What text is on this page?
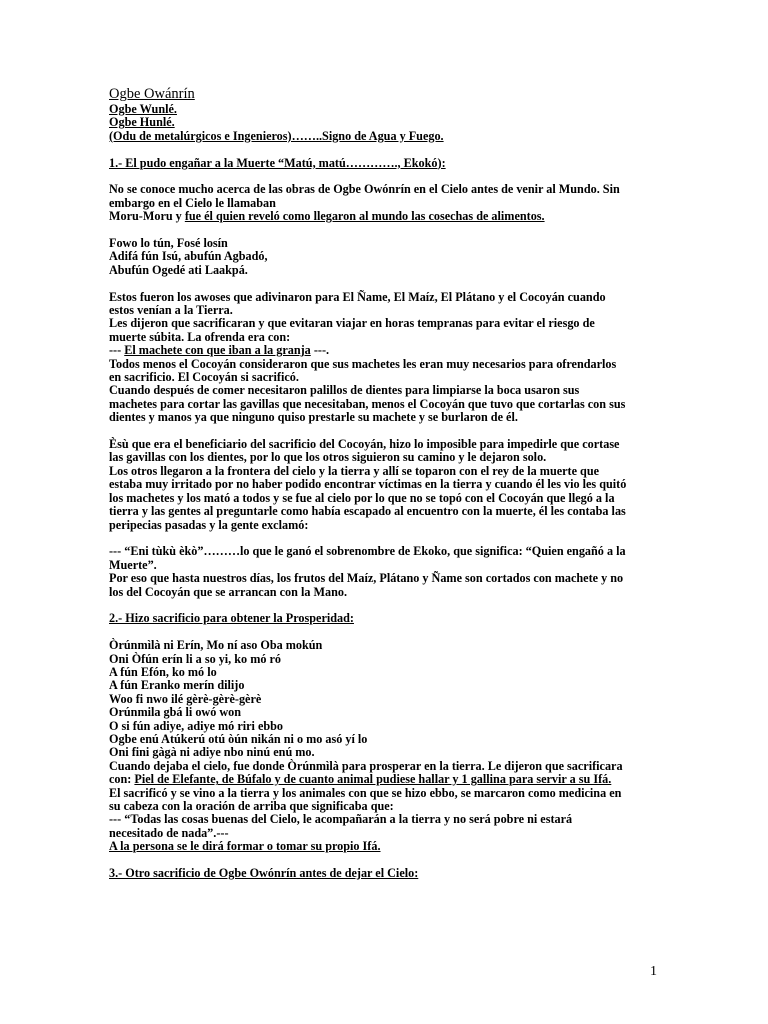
Ogbe Owánrín
Ogbe Wunlé.
Ogbe Hunlé.
(Odu de metalúrgicos e Ingenieros)……..Signo de Agua y Fuego.
1.- El pudo engañar a la Muerte “Matú, matú…………., Ekokó):
No se conoce mucho acerca de las obras de Ogbe Owónrín en el Cielo antes de venir al Mundo. Sin
embargo en el Cielo le llamaban
Moru-Moru y fue él quien reveló como llegaron al mundo las cosechas de alimentos.
Fowo lo tún, Fosé losín
Adifá fún Isú, abufún Agbadó,
Abufún Ogedé ati Laakpá.
Estos fueron los awoses que adivinaron para El Ñame, El Maíz, El Plátano y el Cocoyán cuando
estos venían a la Tierra.
Les dijeron que sacrificaran y que evitaran viajar en horas tempranas para evitar el riesgo de
muerte súbita. La ofrenda era con:
--- El machete con que iban a la granja ---.
Todos menos el Cocoyán consideraron que sus machetes les eran muy necesarios para ofrendarlos
en sacrificio. El Cocoyán si sacrificó.
Cuando después de comer necesitaron palillos de dientes para limpiarse la boca usaron sus
machetes para cortar las gavillas que necesitaban, menos el Cocoyán que tuvo que cortarlas con sus
dientes y manos ya que ninguno quiso prestarle su machete y se burlaron de él.
Èsù que era el beneficiario del sacrificio del Cocoyán, hizo lo imposible para impedirle que cortase
las gavillas con los dientes, por lo que los otros siguieron su camino y le dejaron solo.
Los otros llegaron a la frontera del cielo y la tierra y allí se toparon con el rey de la muerte que
estaba muy irritado por no haber podido encontrar víctimas en la tierra y cuando él les vio les quitó
los machetes y los mató a todos y se fue al cielo por lo que no se topó con el Cocoyán que llegó a la
tierra y las gentes al preguntarle como había escapado al encuentro con la muerte, él les contaba las
peripecias pasadas y la gente exclamó:
--- “Eni tùkù èkò”………lo que le ganó el sobrenombre de Ekoko, que significa: “Quien engañó a la
Muerte”.
Por eso que hasta nuestros días, los frutos del Maíz, Plátano y Ñame son cortados con machete y no
los del Cocoyán que se arrancan con la Mano.
2.- Hizo sacrificio para obtener la Prosperidad:
Òrúnmìlà ni Erín, Mo ní aso Oba mokún
Oni Òfún erín li a so yi, ko mó ró
A fún Efón, ko mó lo
A fún Eranko merín dilijo
Woo fi nwo ilé gèrè-gèrè-gèrè
Orúnmila gbá li owó won
O si fún adiye, adiye mó riri ebbo
Ogbe enú Atúkerú otú òún nikán ni o mo asó yí lo
Oni fini gàgà ni adiye nbo ninú enú mo.
Cuando dejaba el cielo, fue donde Òrúnmìlà para prosperar en la tierra. Le dijeron que sacrificara
con: Piel de Elefante, de Búfalo y de cuanto animal pudiese hallar y 1 gallina para servir a su Ifá.
El sacrificó y se vino a la tierra y los animales con que se hizo ebbo, se marcaron como medicina en
su cabeza con la oración de arriba que significaba que:
--- “Todas las cosas buenas del Cielo, le acompañarán a la tierra y no será pobre ni estará
necesitado de nada”.---
A la persona se le dirá formar o tomar su propio Ifá.
3.- Otro sacrificio de Ogbe Owónrín antes de dejar el Cielo:
1
